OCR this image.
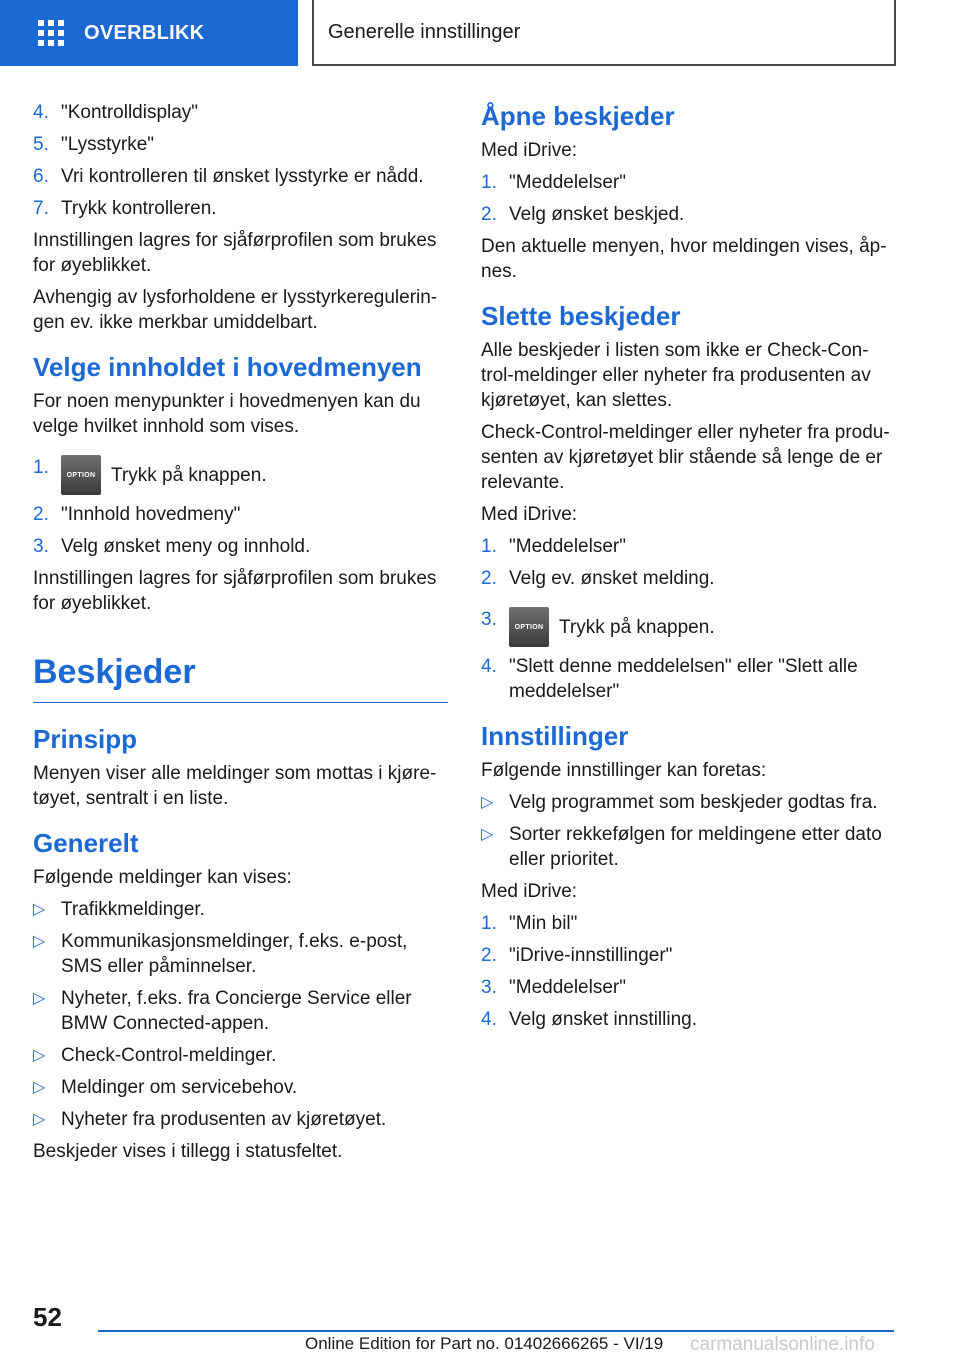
OVERBLIKK	Generelle innstillinger
4. "Kontrolldisplay"
5. "Lysstyrke"
6. Vri kontrolleren til ønsket lysstyrke er nådd.
7. Trykk kontrolleren.

Innstillingen lagres for sjåførprofilen som brukes for øyeblikket.

Avhengig av lysforholdene er lysstyrkeregulerin-gen ev. ikke merkbar umiddelbart.

Velge innholdet i hovedmenyen

For noen menypunkter i hovedmenyen kan du velge hvilket innhold som vises.

1.	OPTION Trykk på knappen.
2. "Innhold hovedmeny"
3. Velg ønsket meny og innhold.

Innstillingen lagres for sjåførprofilen som brukes for øyeblikket.

Beskjeder
Prinsipp

Menyen viser alle meldinger som mottas i kjøre-tøyet, sentralt i en liste.

Generelt

Følgende meldinger kan vises:

▷ Trafikkmeldinger.
▷ Kommunikasjonsmeldinger, f.eks. e-post, SMS eller påminnelser.
▷ Nyheter, f.eks. fra Concierge Service eller BMW Connected-appen.
▷ Check-Control-meldinger.
▷ Meldinger om servicebehov.
▷ Nyheter fra produsenten av kjøretøyet.

Beskjeder vises i tillegg i statusfeltet.

Åpne beskjeder

Med iDrive:

1. "Meddelelser"
2. Velg ønsket beskjed.

Den aktuelle menyen, hvor meldingen vises, åp-nes.

Slette beskjeder

Alle beskjeder i listen som ikke er Check-Con-trol-meldinger eller nyheter fra produsenten av kjøretøyet, kan slettes.

Check-Control-meldinger eller nyheter fra produ-senten av kjøretøyet blir stående så lenge de er relevante.

Med iDrive:

1. "Meddelelser"
2. Velg ev. ønsket melding.
3.	OPTION Trykk på knappen.
4. "Slett denne meddelelsen" eller "Slett alle meddelelser"
Innstillinger

Følgende innstillinger kan foretas:

▷ Velg programmet som beskjeder godtas fra.
▷ Sorter rekkefølgen for meldingene etter dato eller prioritet.

Med iDrive:

1. "Min bil"
2. "iDrive-innstillinger"
3. "Meddelelser"
4. Velg ønsket innstilling.
52
Online Edition for Part no. 01402666265 - VI/19 carmanualsonline.info
